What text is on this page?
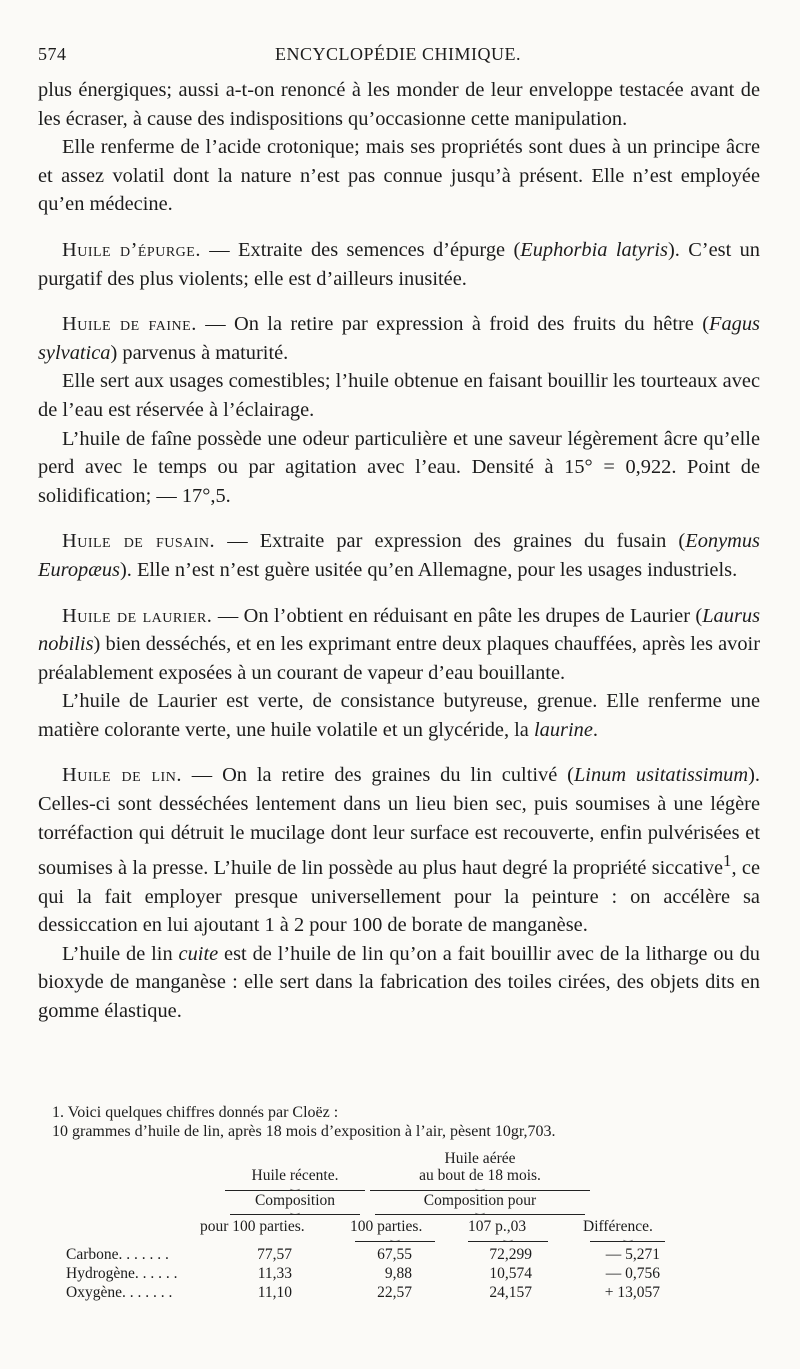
574	ENCYCLOPÉDIE CHIMIQUE.

plus énergiques; aussi a-t-on renoncé à les monder de leur enveloppe testacée avant de les écraser, à cause des indispositions qu’occasionne cette manipulation.

Elle renferme de l’acide crotonique; mais ses propriétés sont dues à un principe âcre et assez volatil dont la nature n’est pas connue jusqu’à présent. Elle n’est employée qu’en médecine.

Huile d’épurge. — Extraite des semences d’épurge (Euphorbia latyris). C’est un purgatif des plus violents; elle est d’ailleurs inusitée.

Huile de faine. — On la retire par expression à froid des fruits du hêtre (Fagus sylvatica) parvenus à maturité.

Elle sert aux usages comestibles; l’huile obtenue en faisant bouillir les tourteaux avec de l’eau est réservée à l’éclairage.

L’huile de faîne possède une odeur particulière et une saveur légèrement âcre qu’elle perd avec le temps ou par agitation avec l’eau. Densité à 15° = 0,922. Point de solidification; — 17°,5.

Huile de fusain. — Extraite par expression des graines du fusain (Eonymus Europæus). Elle n’est n’est guère usitée qu’en Allemagne, pour les usages industriels.

Huile de laurier. — On l’obtient en réduisant en pâte les drupes de Laurier (Laurus nobilis) bien desséchés, et en les exprimant entre deux plaques chauffées, après les avoir préalablement exposées à un courant de vapeur d’eau bouillante.

L’huile de Laurier est verte, de consistance butyreuse, grenue. Elle renferme une matière colorante verte, une huile volatile et un glycéride, la laurine.

Huile de lin. — On la retire des graines du lin cultivé (Linum usitatissimum). Celles-ci sont desséchées lentement dans un lieu bien sec, puis soumises à une légère torréfaction qui détruit le mucilage dont leur surface est recouverte, enfin pulvérisées et soumises à la presse. L’huile de lin possède au plus haut degré la propriété siccative$^1$, ce qui la fait employer presque universellement pour la peinture : on accélère sa dessiccation en lui ajoutant 1 à 2 pour 100 de borate de manganèse.

L’huile de lin cuite est de l’huile de lin qu’on a fait bouillir avec de la litharge ou du bioxyde de manganèse : elle sert dans la fabrication des toiles cirées, des objets dits en gomme élastique.

1. Voici quelques chiffres donnés par Cloëz :

10 grammes d’huile de lin, après 18 mois d’exposition à l’air, pèsent 10gr,703.

Huile aérée
Huile récente.	au bout de 18 mois.
Composition	Composition pour
pour 100 parties.	100 parties.	107 p.,03	Différence.
Carbone. . . . . . .	77,57	67,55	72,299	— 5,271
Hydrogène. . . . . .	11,33	9,88	10,574	— 0,756
Oxygène. . . . . . .	11,10	22,57	24,157	+ 13,057
